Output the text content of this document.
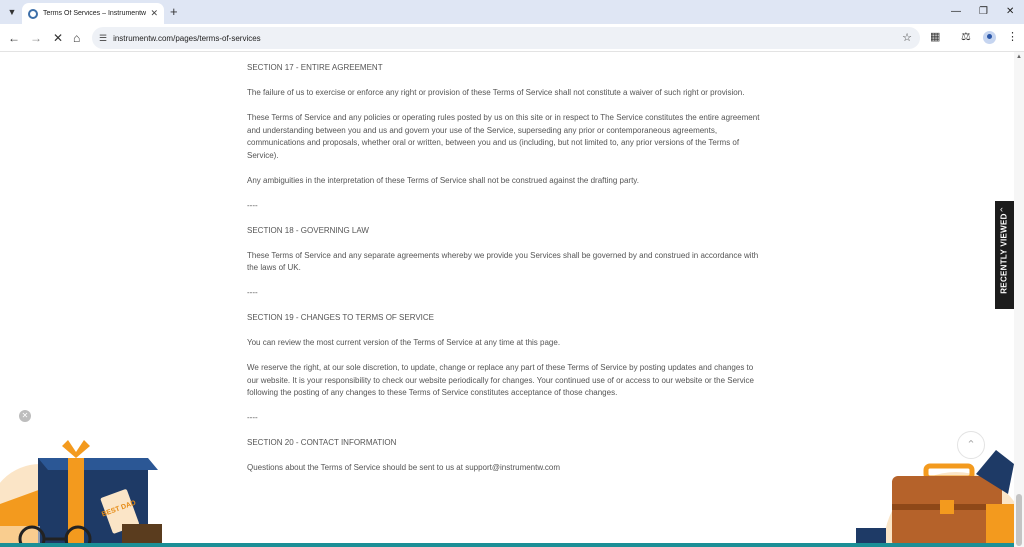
▼	Terms Of Services – Instrumentw ✕ +	— ❐ ✕
← → ✕ ⌂ ☰ instrumentw.com/pages/terms-of-services	☆ ▦ ⚖	⋮
SECTION 17 - ENTIRE AGREEMENT

The failure of us to exercise or enforce any right or provision of these Terms of Service shall not constitute a waiver of such right or provision.

These Terms of Service and any policies or operating rules posted by us on this site or in respect to The Service constitutes the entire agreement and understanding between you and us and govern your use of the Service, superseding any prior or contemporaneous agreements, communications and proposals, whether oral or written, between you and us (including, but not limited to, any prior versions of the Terms of Service).

Any ambiguities in the interpretation of these Terms of Service shall not be construed against the drafting party.

----

SECTION 18 - GOVERNING LAW

These Terms of Service and any separate agreements whereby we provide you Services shall be governed by and construed in accordance with the laws of UK.

----

SECTION 19 - CHANGES TO TERMS OF SERVICE

You can review the most current version of the Terms of Service at any time at this page.

We reserve the right, at our sole discretion, to update, change or replace any part of these Terms of Service by posting updates and changes to our website. It is your responsibility to check our website periodically for changes. Your continued use of or access to our website or the Service following the posting of any changes to these Terms of Service constitutes acceptance of those changes.

----

SECTION 20 - CONTACT INFORMATION

Questions about the Terms of Service should be sent to us at support@instrumentw.com

‹
RECENTLY VIEWED
▲
✕
⌃
BEST DAD
